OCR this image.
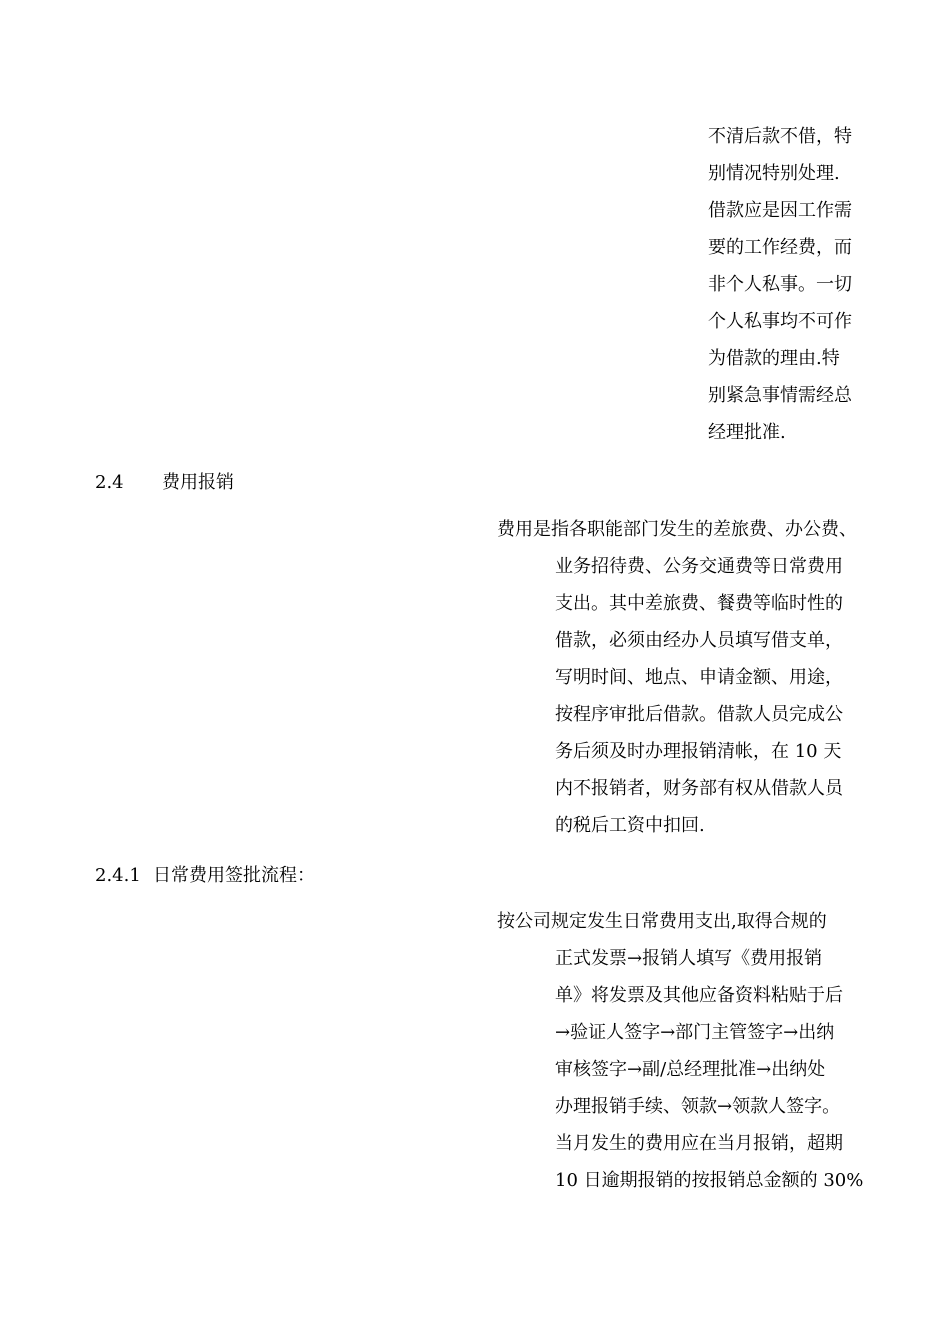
不清后款不借，特

别情况特别处理.

借款应是因工作需

要的工作经费，而

非个人私事。一切

个人私事均不可作

为借款的理由.特

别紧急事情需经总

经理批准.

2.4 费用报销

费用是指各职能部门发生的差旅费、办公费、

业务招待费、公务交通费等日常费用

支出。其中差旅费、餐费等临时性的

借款，必须由经办人员填写借支单，

写明时间、地点、申请金额、用途，

按程序审批后借款。借款人员完成公

务后须及时办理报销清帐，在 10 天

内不报销者，财务部有权从借款人员

的税后工资中扣回.

2.4.1 日常费用签批流程：

按公司规定发生日常费用支出,取得合规的

正式发票→报销人填写《费用报销

单》将发票及其他应备资料粘贴于后

→验证人签字→部门主管签字→出纳

审核签字→副/总经理批准→出纳处

办理报销手续、领款→领款人签字。

当月发生的费用应在当月报销，超期

10 日逾期报销的按报销总金额的 30%
